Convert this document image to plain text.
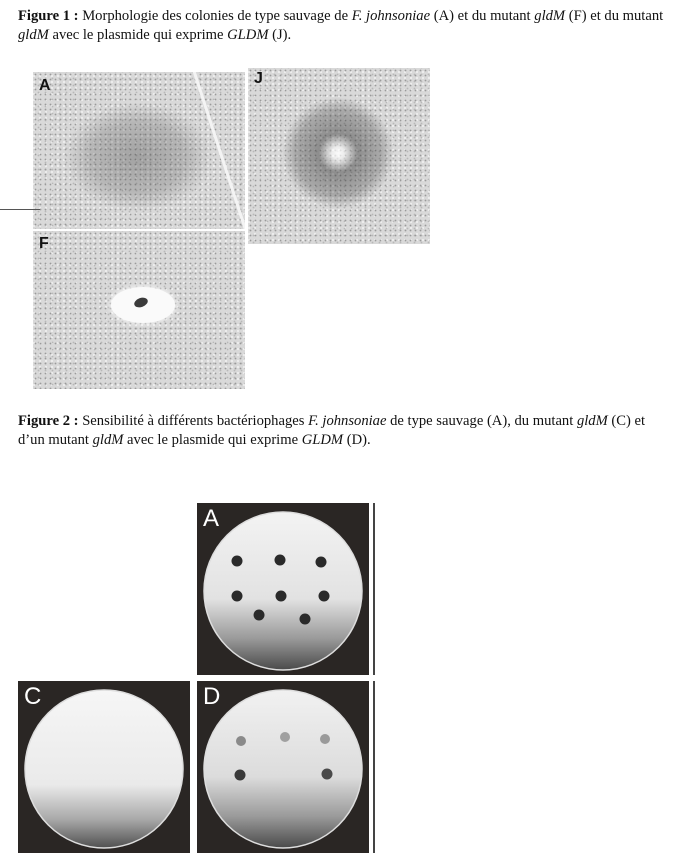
Figure 1 : Morphologie des colonies de type sauvage de F. johnsoniae (A) et du mutant gldM (F) et du mutant gldM avec le plasmide qui exprime GLDM (J).
A	J
F
Figure 2 : Sensibilité à différents bactériophages F. johnsoniae de type sauvage (A), du mutant gldM (C) et d’un mutant gldM avec le plasmide qui exprime GLDM (D).
A
C	D
